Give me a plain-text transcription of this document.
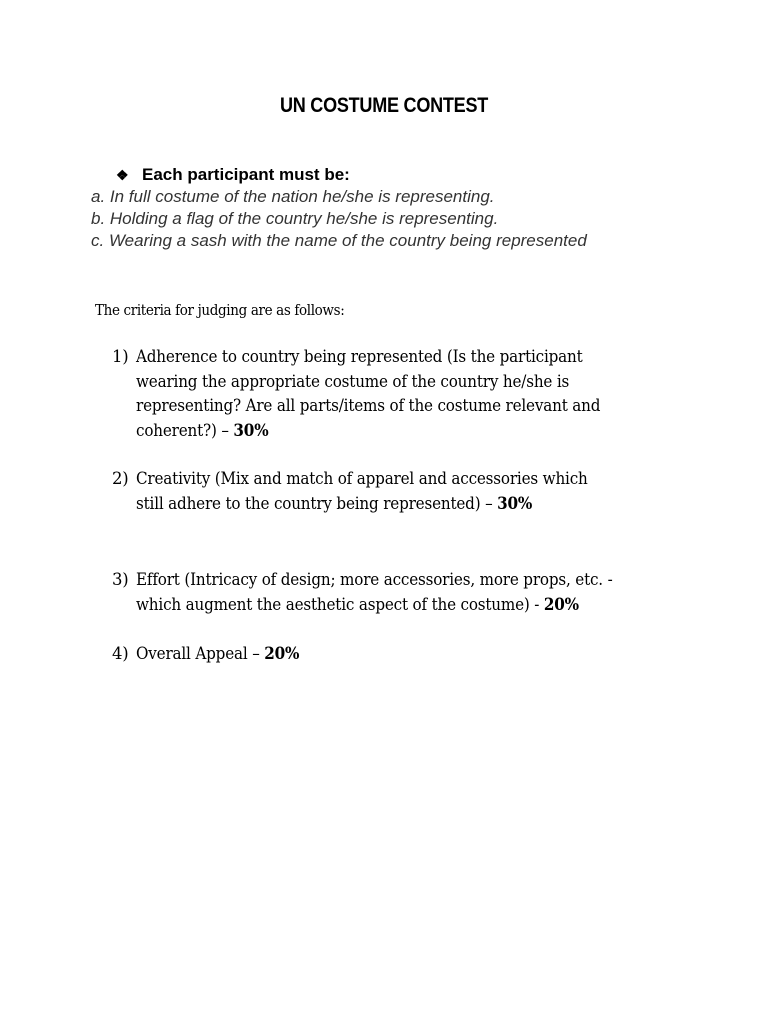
UN COSTUME CONTEST
❖ Each participant must be:
a. In full costume of the nation he/she is representing.
b. Holding a flag of the country he/she is representing.
c. Wearing a sash with the name of the country being represented
The criteria for judging are as follows:
1) Adherence to country being represented (Is the participant
wearing the appropriate costume of the country he/she is
representing? Are all parts/items of the costume relevant and
coherent?) – 30%
2) Creativity (Mix and match of apparel and accessories which
still adhere to the country being represented) – 30%
3) Effort (Intricacy of design; more accessories, more props, etc. -
which augment the aesthetic aspect of the costume) - 20%
4) Overall Appeal – 20%
